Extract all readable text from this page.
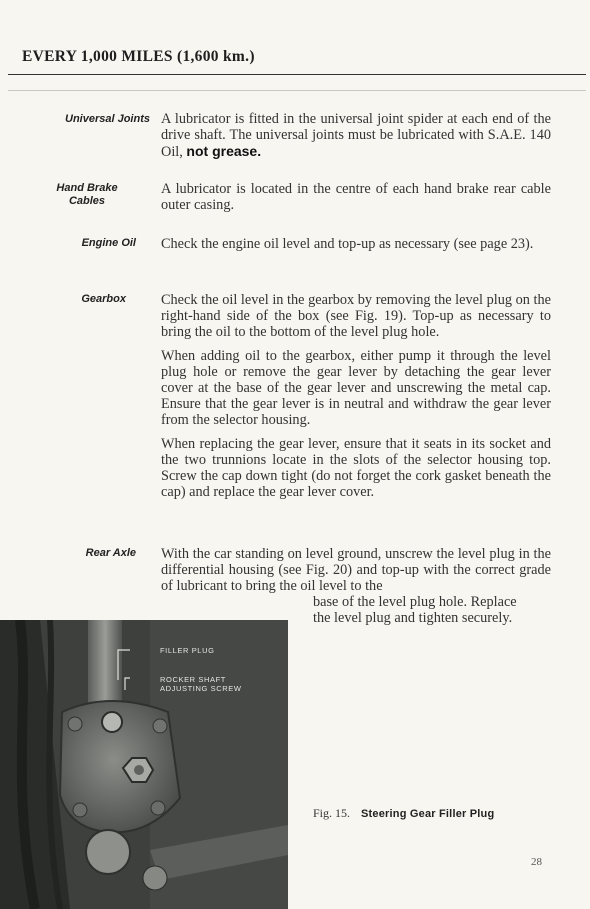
EVERY 1,000 MILES (1,600 km.)
Universal Joints A lubricator is fitted in the universal joint spider at each end of the drive shaft. The universal joints must be lubricated with S.A.E. 140 Oil, not grease.
Hand Brake
Cables
A lubricator is located in the centre of each hand brake rear cable outer casing.
Engine Oil Check the engine oil level and top-up as necessary (see page 23).
Gearbox Check the oil level in the gearbox by removing the level plug on the right-hand side of the box (see Fig. 19). Top-up as necessary to bring the oil to the bottom of the level plug hole.

When adding oil to the gearbox, either pump it through the level plug hole or remove the gear lever by detaching the gear lever cover at the base of the gear lever and unscrewing the metal cap. Ensure that the gear lever is in neutral and withdraw the gear lever from the selector housing.

When replacing the gear lever, ensure that it seats in its socket and the two trunnions locate in the slots of the selector housing top. Screw the cap down tight (do not forget the cork gasket beneath the cap) and replace the gear lever cover.

Rear Axle With the car standing on level ground, unscrew the level plug in the differential housing (see Fig. 20) and top-up with the correct grade of lubricant to bring the oil level to the
base of the level plug hole. Replace
the level plug and tighten securely.
FILLER PLUG
ROCKER SHAFT
ADJUSTING SCREW
Fig. 15. Steering Gear Filler Plug
28
